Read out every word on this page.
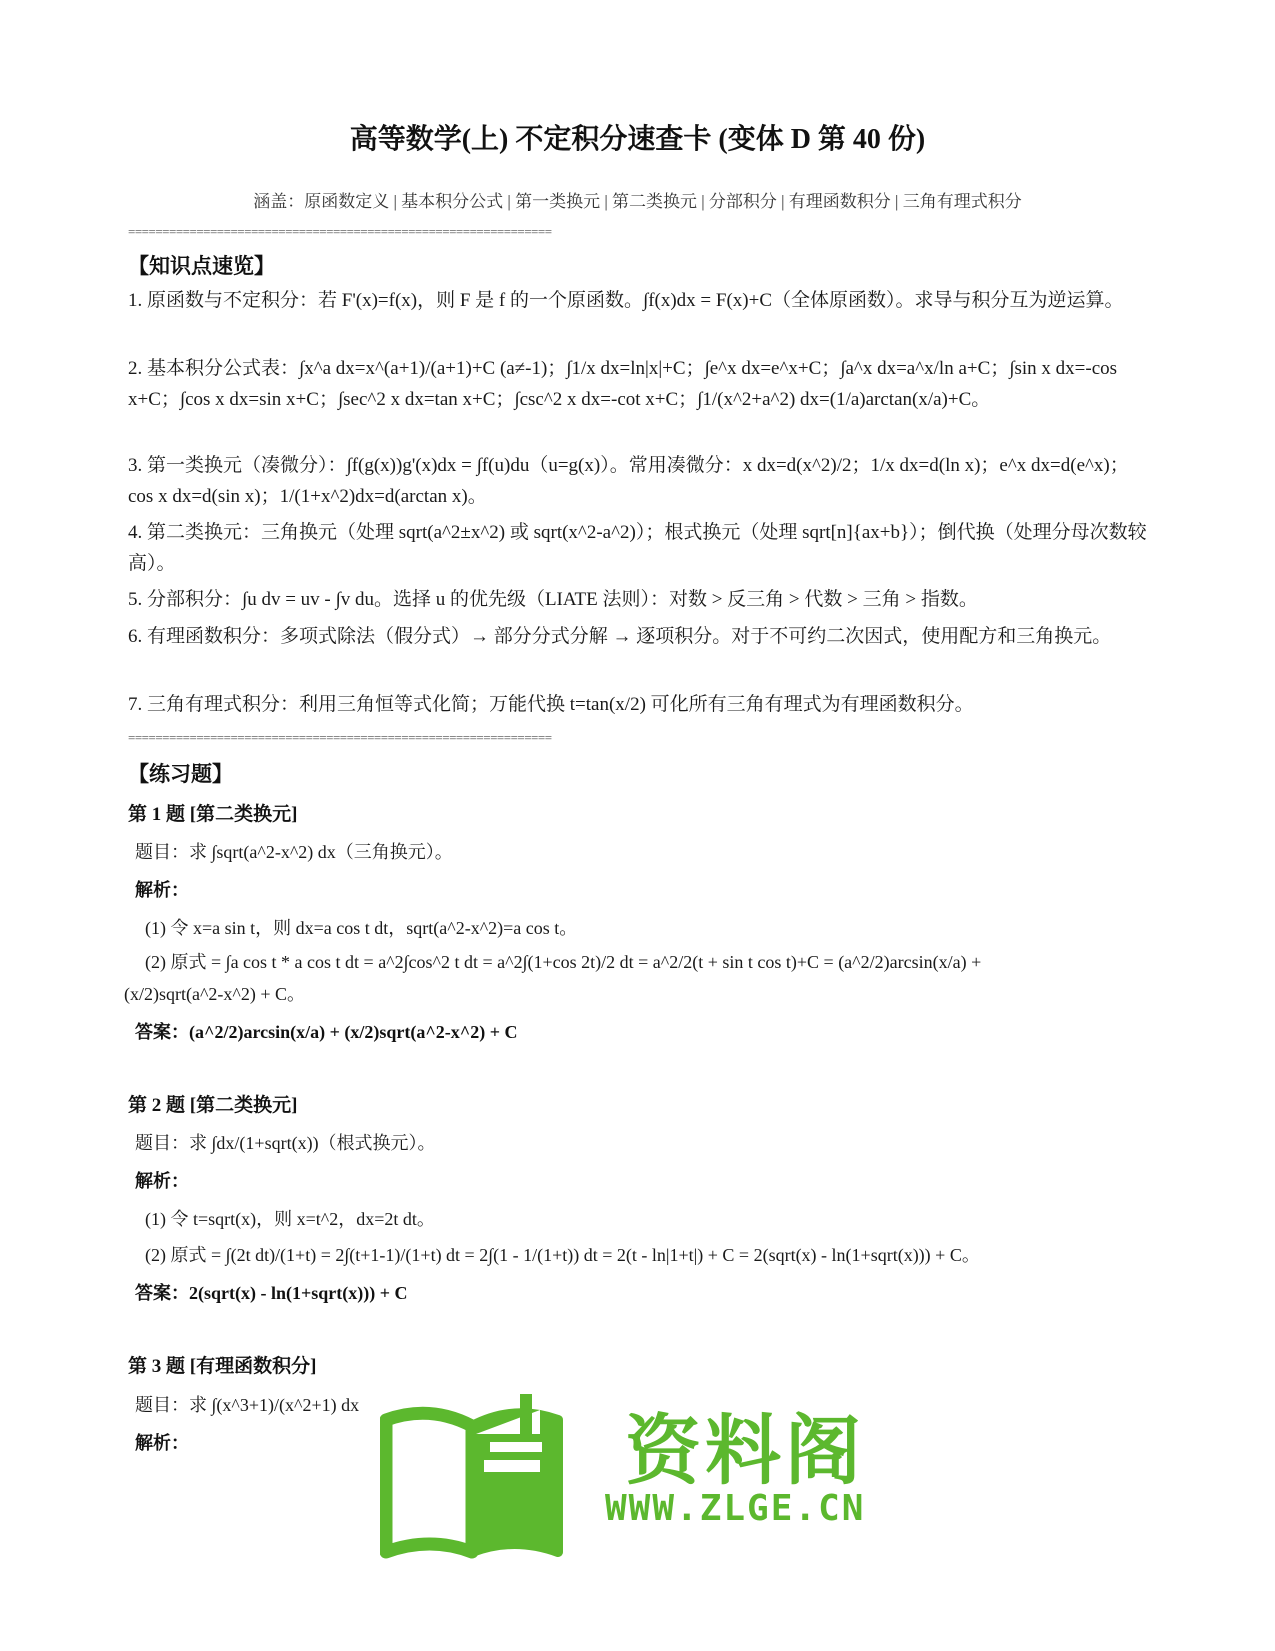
高等数学(上) 不定积分速查卡 (变体 D 第 40 份)
涵盖：原函数定义 | 基本积分公式 | 第一类换元 | 第二类换元 | 分部积分 | 有理函数积分 | 三角有理式积分
==============================================================
【知识点速览】
1. 原函数与不定积分：若 F'(x)=f(x)，则 F 是 f 的一个原函数。∫f(x)dx = F(x)+C（全体原函数）。求导与积分互为逆运算。
2. 基本积分公式表：∫x^a dx=x^(a+1)/(a+1)+C (a≠-1)；∫1/x dx=ln|x|+C；∫e^x dx=e^x+C；∫a^x dx=a^x/ln a+C；∫sin x dx=-cos x+C；∫cos x dx=sin x+C；∫sec^2 x dx=tan x+C；∫csc^2 x dx=-cot x+C；∫1/(x^2+a^2) dx=(1/a)arctan(x/a)+C。
3. 第一类换元（凑微分）：∫f(g(x))g'(x)dx = ∫f(u)du（u=g(x)）。常用凑微分：x dx=d(x^2)/2；1/x dx=d(ln x)；e^x dx=d(e^x)；cos x dx=d(sin x)；1/(1+x^2)dx=d(arctan x)。
4. 第二类换元：三角换元（处理 sqrt(a^2±x^2) 或 sqrt(x^2-a^2)）；根式换元（处理 sqrt[n]{ax+b}）；倒代换（处理分母次数较高）。
5. 分部积分：∫u dv = uv - ∫v du。选择 u 的优先级（LIATE 法则）：对数 > 反三角 > 代数 > 三角 > 指数。
6. 有理函数积分：多项式除法（假分式）→ 部分分式分解 → 逐项积分。对于不可约二次因式，使用配方和三角换元。
7. 三角有理式积分：利用三角恒等式化简；万能代换 t=tan(x/2) 可化所有三角有理式为有理函数积分。
==============================================================
【练习题】
第 1 题 [第二类换元]
题目：求 ∫sqrt(a^2-x^2) dx（三角换元）。
解析：
(1) 令 x=a sin t，则 dx=a cos t dt，sqrt(a^2-x^2)=a cos t。
(2) 原式 = ∫a cos t * a cos t dt = a^2∫cos^2 t dt = a^2∫(1+cos 2t)/2 dt = a^2/2(t + sin t cos t)+C = (a^2/2)arcsin(x/a) + (x/2)sqrt(a^2-x^2) + C。
答案：(a^2/2)arcsin(x/a) + (x/2)sqrt(a^2-x^2) + C
第 2 题 [第二类换元]
题目：求 ∫dx/(1+sqrt(x))（根式换元）。
解析：
(1) 令 t=sqrt(x)，则 x=t^2，dx=2t dt。
(2) 原式 = ∫(2t dt)/(1+t) = 2∫(t+1-1)/(1+t) dt = 2∫(1 - 1/(1+t)) dt = 2(t - ln|1+t|) + C = 2(sqrt(x) - ln(1+sqrt(x))) + C。
答案：2(sqrt(x) - ln(1+sqrt(x))) + C
第 3 题 [有理函数积分]
题目：求 ∫(x^3+1)/(x^2+1) dx
解析：	资料阁
WWW.ZLGE.CN
